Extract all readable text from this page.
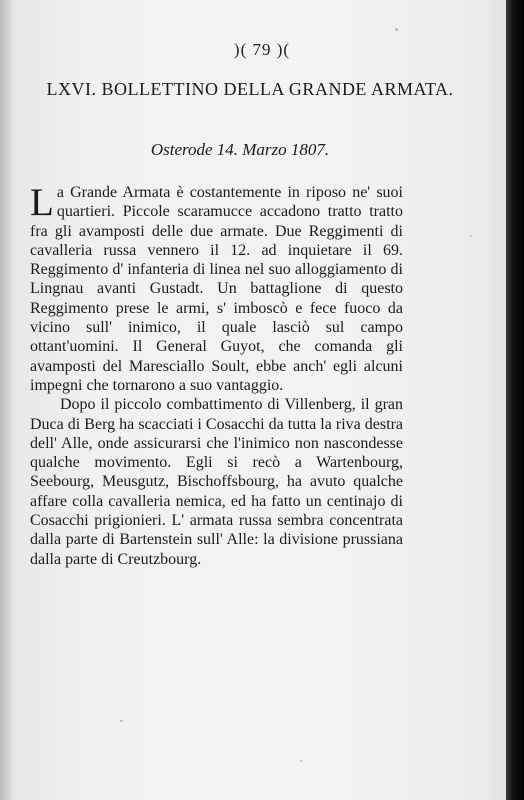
)( 79 )(
LXVI. BOLLETTINO DELLA GRANDE ARMATA.
Osterode 14. Marzo 1807.

La Grande Armata è costantemente in riposo ne' suoi quartieri. Piccole scaramucce accadono tratto tratto fra gli avamposti delle due armate. Due Reggimenti di cavalleria russa vennero il 12. ad inquietare il 69. Reggimento d' infanteria di linea nel suo alloggiamento di Lingnau avanti Gustadt. Un battaglione di questo Reggimento prese le armi, s' imboscò e fece fuoco da vicino sull' inimico, il quale lasciò sul campo ottant'uomini. Il General Guyot, che comanda gli avamposti del Maresciallo Soult, ebbe anch' egli alcuni impegni che tornarono a suo vantaggio.

Dopo il piccolo combattimento di Villenberg, il gran Duca di Berg ha scacciati i Cosacchi da tutta la riva destra dell' Alle, onde assicurarsi che l'inimico non nascondesse qualche movimento. Egli si recò a Wartenbourg, Seebourg, Meusgutz, Bischoffsbourg, ha avuto qualche affare colla cavalleria nemica, ed ha fatto un centinajo di Cosacchi prigionieri. L' armata russa sembra concentrata dalla parte di Bartenstein sull' Alle: la divisione prussiana dalla parte di Creutzbourg.
